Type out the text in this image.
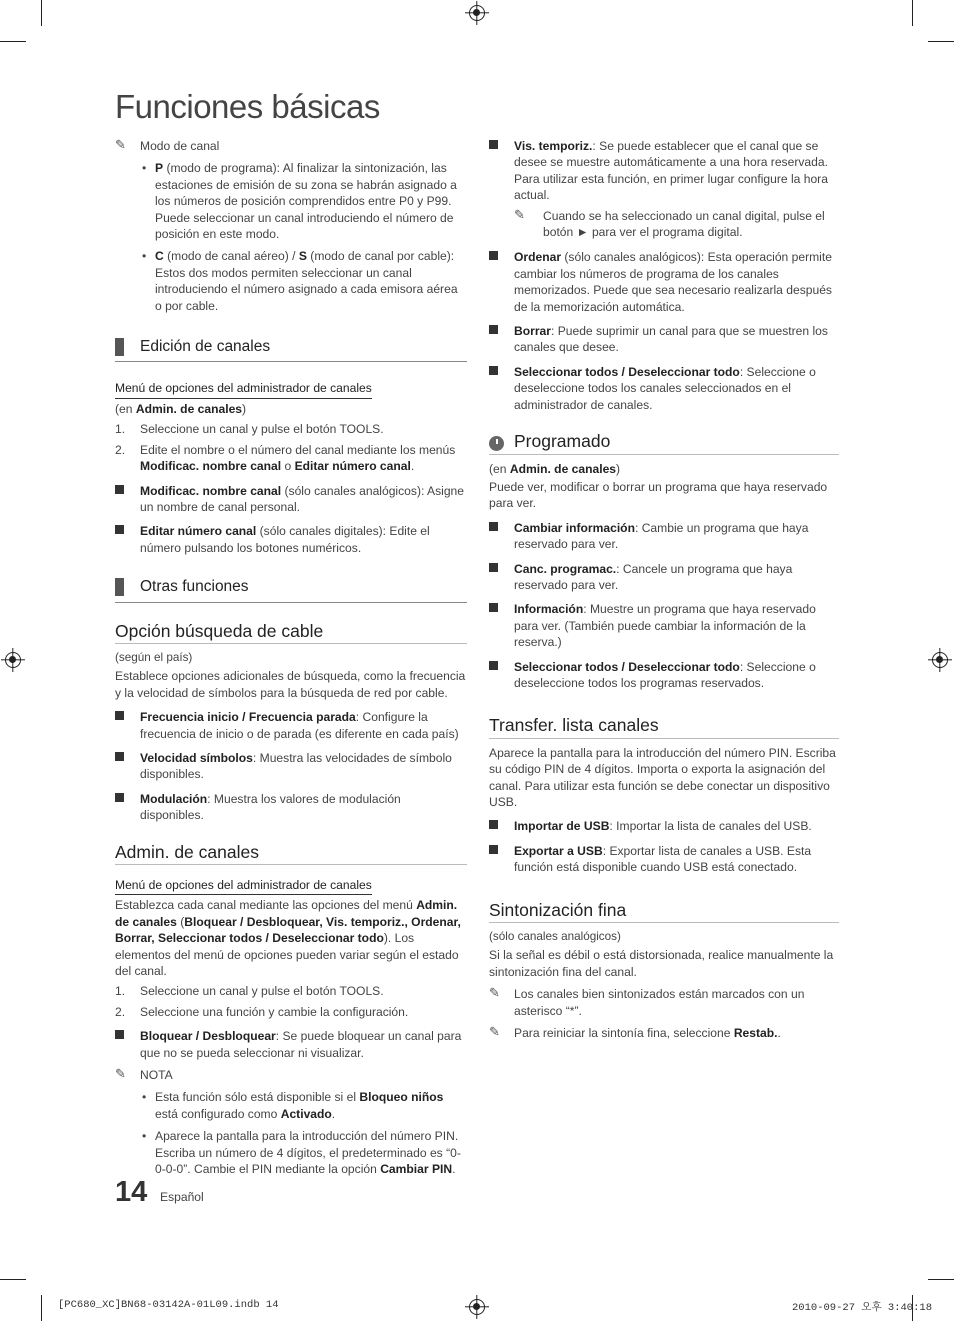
Funciones básicas
✎ Modo de canal
• P (modo de programa): Al finalizar la sintonización, las estaciones de emisión de su zona se habrán asignado a los números de posición comprendidos entre P0 y P99. Puede seleccionar un canal introduciendo el número de posición en este modo.
• C (modo de canal aéreo) / S (modo de canal por cable): Estos dos modos permiten seleccionar un canal introduciendo el número asignado a cada emisora aérea o por cable.
Edición de canales
Menú de opciones del administrador de canales
(en Admin. de canales)
1. Seleccione un canal y pulse el botón TOOLS.
2. Edite el nombre o el número del canal mediante los menús Modificac. nombre canal o Editar número canal.
Modificac. nombre canal (sólo canales analógicos): Asigne un nombre de canal personal.
Editar número canal (sólo canales digitales): Edite el número pulsando los botones numéricos.
Otras funciones
Opción búsqueda de cable
(según el país)
Establece opciones adicionales de búsqueda, como la frecuencia y la velocidad de símbolos para la búsqueda de red por cable.
Frecuencia inicio / Frecuencia parada: Configure la frecuencia de inicio o de parada (es diferente en cada país)
Velocidad símbolos: Muestra las velocidades de símbolo disponibles.
Modulación: Muestra los valores de modulación disponibles.
Admin. de canales
Menú de opciones del administrador de canales
Establezca cada canal mediante las opciones del menú Admin. de canales (Bloquear / Desbloquear, Vis. temporiz., Ordenar, Borrar, Seleccionar todos / Deseleccionar todo). Los elementos del menú de opciones pueden variar según el estado del canal.
1. Seleccione un canal y pulse el botón TOOLS.
2. Seleccione una función y cambie la configuración.
Bloquear / Desbloquear: Se puede bloquear un canal para que no se pueda seleccionar ni visualizar.
✎ NOTA
• Esta función sólo está disponible si el Bloqueo niños está configurado como Activado.
• Aparece la pantalla para la introducción del número PIN. Escriba un número de 4 dígitos, el predeterminado es “0-0-0-0”. Cambie el PIN mediante la opción Cambiar PIN.
Vis. temporiz.: Se puede establecer que el canal que se desee se muestre automáticamente a una hora reservada. Para utilizar esta función, en primer lugar configure la hora actual.
✎ Cuando se ha seleccionado un canal digital, pulse el botón ► para ver el programa digital.
Ordenar (sólo canales analógicos): Esta operación permite cambiar los números de programa de los canales memorizados. Puede que sea necesario realizarla después de la memorización automática.
Borrar: Puede suprimir un canal para que se muestren los canales que desee.
Seleccionar todos / Deseleccionar todo: Seleccione o deseleccione todos los canales seleccionados en el administrador de canales.
Programado
(en Admin. de canales)
Puede ver, modificar o borrar un programa que haya reservado para ver.
Cambiar información: Cambie un programa que haya reservado para ver.
Canc. programac.: Cancele un programa que haya reservado para ver.
Información: Muestre un programa que haya reservado para ver. (También puede cambiar la información de la reserva.)
Seleccionar todos / Deseleccionar todo: Seleccione o deseleccione todos los programas reservados.
Transfer. lista canales
Aparece la pantalla para la introducción del número PIN. Escriba su código PIN de 4 dígitos. Importa o exporta la asignación del canal. Para utilizar esta función se debe conectar un dispositivo USB.
Importar de USB: Importar la lista de canales del USB.
Exportar a USB: Exportar lista de canales a USB. Esta función está disponible cuando USB está conectado.
Sintonización fina
(sólo canales analógicos)
Si la señal es débil o está distorsionada, realice manualmente la sintonización fina del canal.
✎ Los canales bien sintonizados están marcados con un asterisco “*”.
✎ Para reiniciar la sintonía fina, seleccione Restab..
14 Español
[PC680_XC]BN68-03142A-01L09.indb 14	2010-09-27 오후 3:40:18
